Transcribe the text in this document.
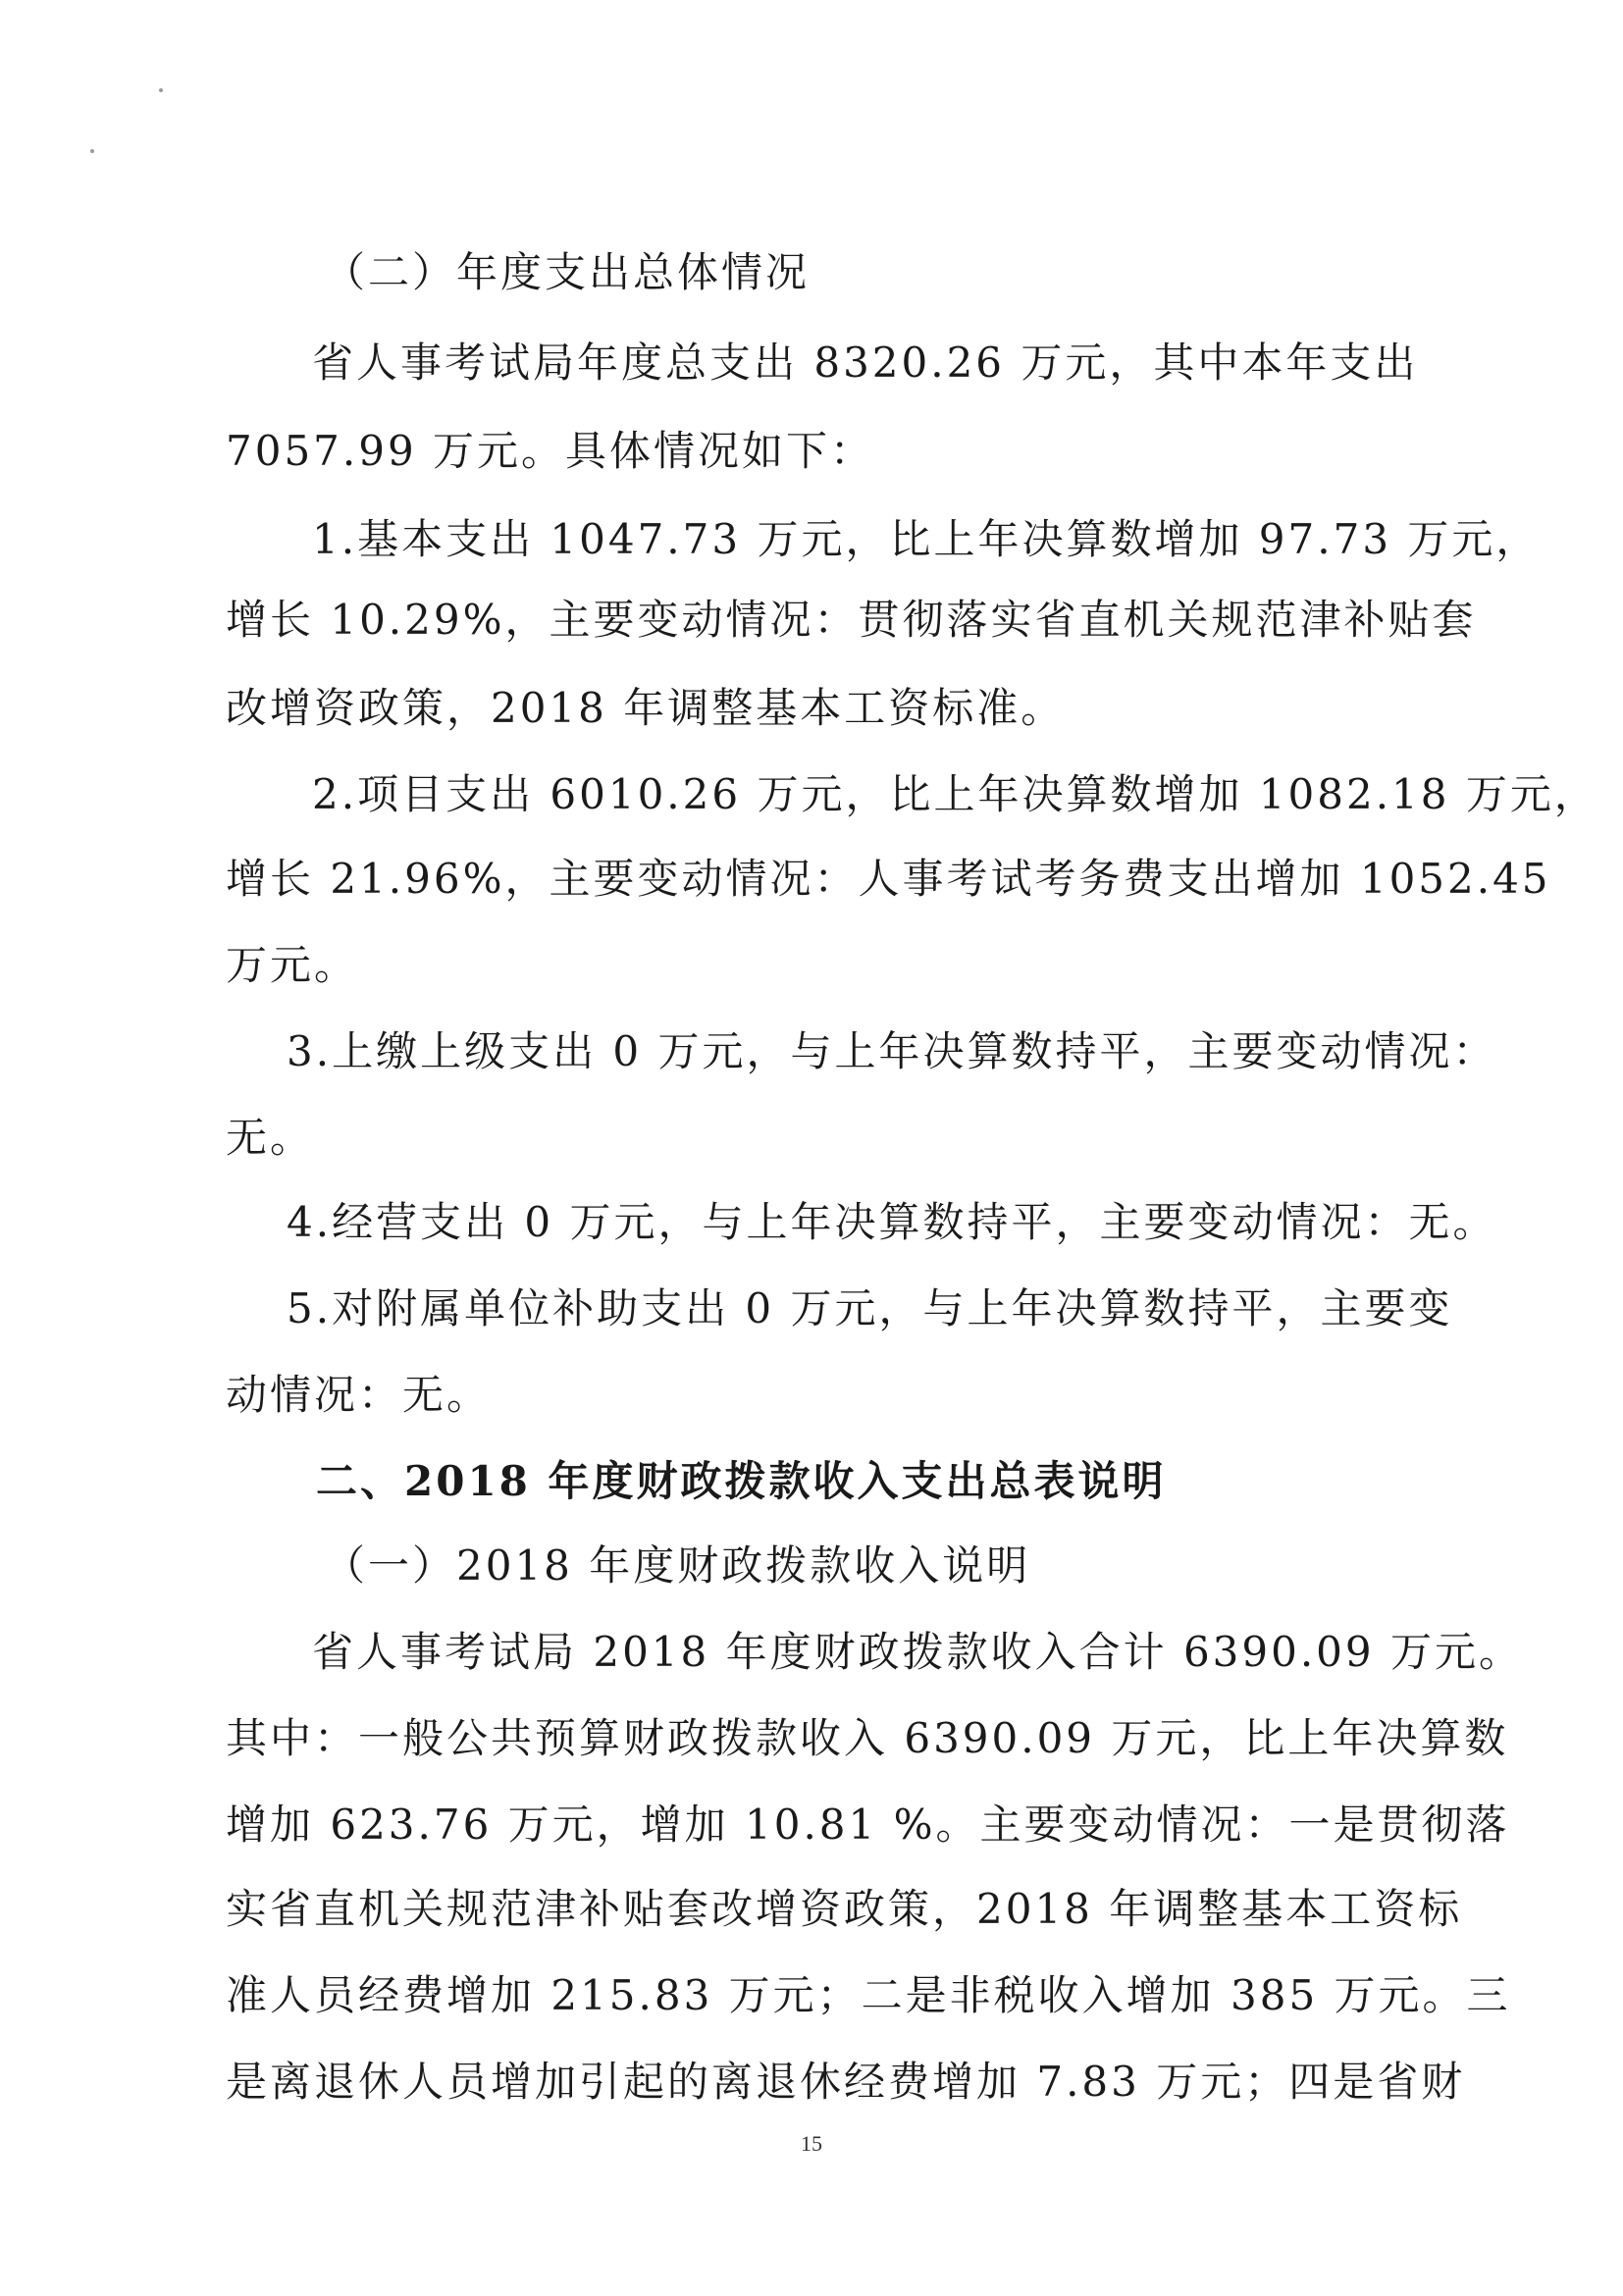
（二）年度支出总体情况
省人事考试局年度总支出 8320.26 万元，其中本年支出
7057.99 万元。具体情况如下：
1.基本支出 1047.73 万元，比上年决算数增加 97.73 万元，
增长 10.29%，主要变动情况：贯彻落实省直机关规范津补贴套
改增资政策，2018 年调整基本工资标准。
2.项目支出 6010.26 万元，比上年决算数增加 1082.18 万元，
增长 21.96%，主要变动情况：人事考试考务费支出增加 1052.45
万元。
3.上缴上级支出 0 万元，与上年决算数持平，主要变动情况：
无。
4.经营支出 0 万元，与上年决算数持平，主要变动情况：无。
5.对附属单位补助支出 0 万元，与上年决算数持平，主要变
动情况：无。
二、2018 年度财政拨款收入支出总表说明
（一）2018 年度财政拨款收入说明
省人事考试局 2018 年度财政拨款收入合计 6390.09 万元。
其中：一般公共预算财政拨款收入 6390.09 万元，比上年决算数
增加 623.76 万元，增加 10.81 %。主要变动情况：一是贯彻落
实省直机关规范津补贴套改增资政策，2018 年调整基本工资标
准人员经费增加 215.83 万元；二是非税收入增加 385 万元。三
是离退休人员增加引起的离退休经费增加 7.83 万元；四是省财
15
